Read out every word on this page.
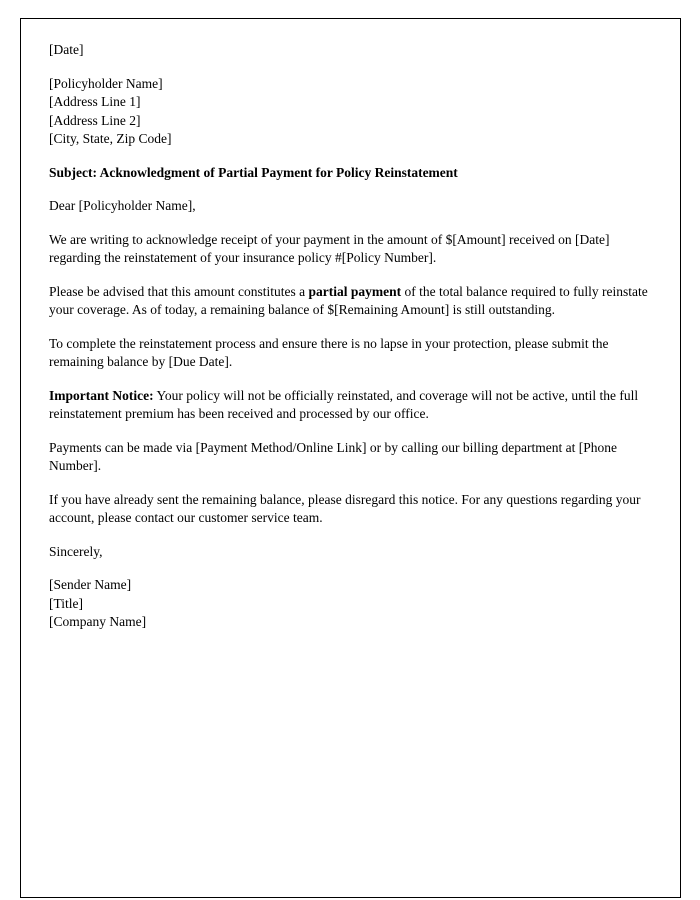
[Date]

[Policyholder Name]
[Address Line 1]
[Address Line 2]
[City, State, Zip Code]

Subject: Acknowledgment of Partial Payment for Policy Reinstatement

Dear [Policyholder Name],

We are writing to acknowledge receipt of your payment in the amount of $[Amount] received on [Date] regarding the reinstatement of your insurance policy #[Policy Number].

Please be advised that this amount constitutes a partial payment of the total balance required to fully reinstate your coverage. As of today, a remaining balance of $[Remaining Amount] is still outstanding.

To complete the reinstatement process and ensure there is no lapse in your protection, please submit the remaining balance by [Due Date].

Important Notice: Your policy will not be officially reinstated, and coverage will not be active, until the full reinstatement premium has been received and processed by our office.

Payments can be made via [Payment Method/Online Link] or by calling our billing department at [Phone Number].

If you have already sent the remaining balance, please disregard this notice. For any questions regarding your account, please contact our customer service team.

Sincerely,

[Sender Name]
[Title]
[Company Name]
